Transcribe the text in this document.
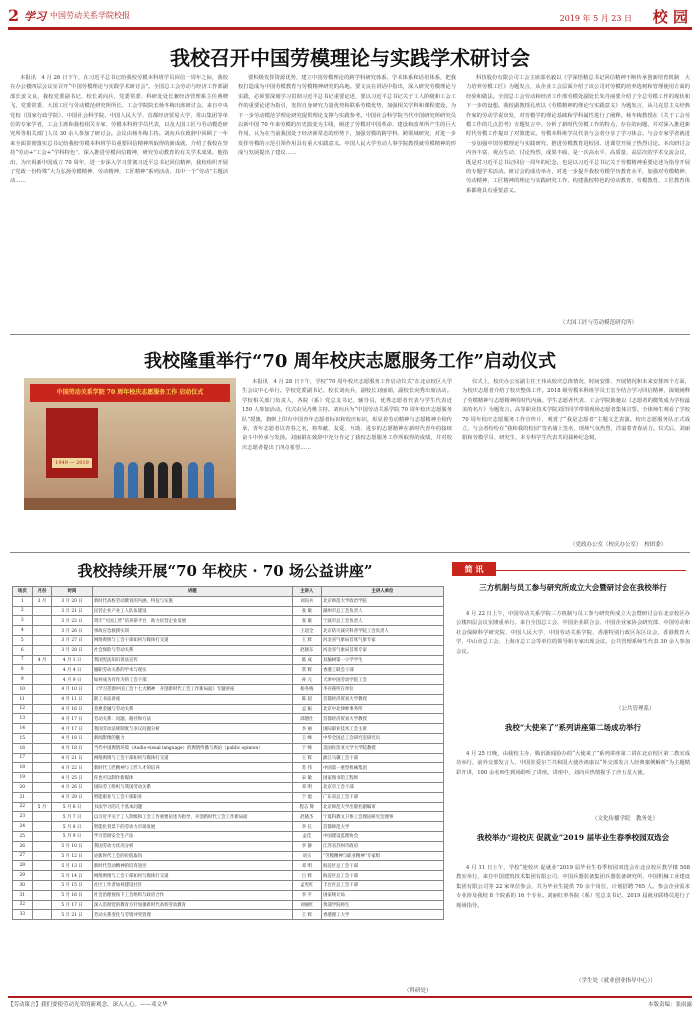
2 学习 中国劳动关系学院校报	2019 年 5 月 23 日 校 园
我校召开中国劳模理论与实践学术研讨会

本报讯　4 月 26 日下午，在习近平总书记给我校劳模本科班学员回信一周年之际，我校在办公楼四层会议室召开“中国劳模理论与实践学术研讨会”。全国总工会劳动与经济工作部副部长姜文良，我校党委副书记、校长刘向兵，党委常委、科研处处长兼经济管理系主任燕晓飞，党委常委、大国工匠与劳动模范研究所所长、工会学院院长杨冬梅出席研讨会。来自中央党校（国家行政学院）、中国社会科学院、中国人民大学、首都经济贸易大学、常山集团等单位的专家学者，工会主席和我校相关专家、劳模本科班学员代表，以及大国工匠与劳动模范研究所等相关部门人员 30 余人参加了研讨会。会议由杨冬梅主持。刘向兵在致辞中回顾了一年来全面贯彻落实总书记给我校劳模本科班学员重要回信精神所取得的新成就，介绍了我校在坚持“劳动+”工会+“学科特色”，深入推进劳模回信精神，研究劳动教育的有关学术成果。他指出，为庆祝新中国成立 70 周年，进一步深入学习贯彻习近平总书记回信精神，我校组织开展了党政一份特殊“大力弘扬劳模精神、劳动精神、工匠精神”系列活动，其中一个“劳动”主题活动……

要积极发挥资源优势，建立中国劳模理论的跨学科研究体系、学术体系和话语体系，把我校打造成为中国劳模教育与劳模精神研究的高地。要文良在讲话中指出，深入研究劳模理论与实践，必须要深刻学习贯彻习近平总书记重要论述，要以习近平总书记关于工人阶级和工会工作的重要论述为指引，发挥自身研究力量优势和联系劳模优势，加强相关学科和课程建设，为下一步劳动模范学理论研究提供理论支撑与实践参考。中国社会科学院当代中国研究所研究员以新中国 70 年来劳模的历史演变为主线，阐述了劳模对中国革命、建设和改革所产生的巨大作用，认为在当前我国处于经济新常态的形势下，加强劳模的跨学科、跨领域研究，对进一步发挥劳模的示范引领作用具有重大实践意义。中国人民大学劳动人事学院教授就劳模精神的形成与发展提出了建议……

科技股份有限公司工会主席邵名毅以《学深悟精总书记回信精神不断传承创新培育机制　大力培养劳模工匠》为题发言，从企业工会层面介绍了该公司对劳模的培养选树和管理使用方面的经验和做法。全国总工会劳动和经济工作部劳模处副处长朱丹丽要介绍了全总劳模工作的现状和下一步的设想。我校副教授孔欣以《劳模精神的理论与实践意义》为题发言，从马克思主义经典作家的劳动学说出发，对劳模学的理论基础和学科属性进行了阐释。杨冬梅教授在《关于工会劳模工作的几点思考》专题发言中，分析了新时代劳模工作的特点，存在的问题，并对深入推进新时代劳模工作提出了对策建议。劳模本科班学员代表与会者分享了学习体会。与会专家学者就进一步加强中国劳模理论与实践研究、推进劳模教育进校园、进课堂开展了热烈讨论。本次研讨会内容丰富、观点生动、讨论热烈，成果丰硕，是一次高水平、高质量、高层次的学术交流会议，既是对习近平总书记回信一周年的纪念，也是以习近平总书记关于劳模精神重要论述为指导开展的专题学术活动。研讨会的成功举办，对进一步提升我校劳模学历教育水平，加强对劳模精神、劳动精神、工匠精神的理论与实践研究工作，构建我校特色的劳动教育、劳模教育、工匠教育体系都将具有重要意义。

（大国工匠与劳动模范研究所）
我校隆重举行“70 周年校庆志愿服务工作”启动仪式
中国劳动关系学院 70 周年校庆志愿服务工作 启动仪式
1949 — 2019

本报讯　4 月 28 日下午，学校“70 周年校庆志愿服务工作启动仪式”在北京校区大学生会议中心举行。学校党委副书记、校长刘向兵，副校长刘丽娟，副校长向秀出席活动。学校相关部门负责人，各院（系）党总支书记，辅导员，优秀志愿者代表与学生代表近 150 人参加活动。仪式由吴丹维主持。刘向兵为“中国劳动关系学院 70 周年校庆志愿服务队”授旗，旗帜上印有中国青年志愿者标识和校庆标识，彰显着劳动精神与志愿精神全相传承，青年志愿者以青春之名，将奉献、友爱、互助、进步的志愿精神在新时代青年的接续奋斗中传承与发扬。刘丽娟在致辞中充分肯定了我校志愿服务工作所取得的成绩，并对校庆志愿者提出了四点希望……

仪式上，校庆办公室副主任王伟从校庆总体情况、时间安排、开展情况和未来安排四个方面，为校庆志愿者介绍了校庆整体工作。2018 级劳模本科班学员王宏全结合学习回信精神，深刻阐释了劳模精神与志愿精神的时代内涵。学生志愿者代表、工会学院陈驰以《志愿者的微笑成为学校最美的名片》为题发言。高等职业技术学院刘洋同学带领现场志愿者集体宣誓。全体师生观看了学校 70 周年校庆志愿服务工作宣传片，观赏了“我是志愿者”主题文艺表演。校庆志愿服务队正式成立，与会者纷纷在“我和我的校园”签名墙上签名，现场气氛热烈，洋溢着青春活力。仪式后，刘丽娟和劳模学员、研究生、本专科学生代表共同栽种纪念树。

（党政办公室（校庆办公室）　校团委）
我校持续开展“70 年校庆 · 70 场公益讲座”
场次	月份	时间	讲题	主讲人	主讲人单位
1	3 月	3 月 20 日	新时代高校劳动教育的内涵、特征与实施	刘向兵	北京师范大学政治学院
2		3 月 21 日	民营企业产业工人队伍建设	张 敏	湖州市总工会负责人
3		3 月 22 日	筑牢“大国工匠”培养新平台　助力民营企业发展	张 敏	宁波市总工会负责人
4		3 月 26 日	事故应急救援实训	王超全	北京防灾减灾科普学院工会负责人
5		3 月 27 日	网络舆情与工会干部如何与媒体打交道	王 辉	河北省气象局首席气象专家
6		3 月 28 日	社会保险与劳动关系	赵晓东	河北省气象局首席专家
7	4 月	4 月 1 日	我国宪法知识普法宣传	陈 成	双榆树第一小学学生
8		4 月 4 日	履职劳动关系的学术与现实	常 辉	香港工联会干部
9		4 月 9 日	如何成为有作为的工会干部	孙 元	天津中国劳动学院工会
10		4 月 10 日	《学习贯彻中国工会十七大精神　开创新时代工会工作新局面》专题讲座	杨冬梅	李存葆所在单位
11		4 月 11 日	职工书法讲座	陈 超	首都经济贸易大学教授
12		4 月 16 日	普惠金融与劳动关系	孟 振	北京中北律师事务所
13		4 月 17 日	劳动关系：问题、路径和方法	邱德仕	首都经济贸易大学教授
14		4 月 17 日	我国劳动法规制度与争议问题分析	李 丽	国际职业技术工会主席
15		4 月 18 日	新闻影像的魅力	王 峰	中华全国总工会研究室研究员
16		4 月 18 日	当代中国舆情环境（Audio-visual language）的舆情传播与舆论（public opinion）	于 峰	美国佐治亚大学大学院教授
17		4 月 21 日	网络舆情与工会干部如何与媒体打交道	王 辉	浙江马骥工会干部
18		4 月 22 日	新时代工匠精神与工匠人才的培养	苏 伟	中国第一重型机械集团
19		4 月 25 日	你也可以制作新媒体	宋 敏	国家图书馆工程师
20		4 月 26 日	国际劳工组织与我国劳动关系	邓 明	北京市工会干部
21		4 月 29 日	智能职业与工会干部职业	于 琨	广东省总工会干部
22	5 月	5 月 6 日	书法学习的几个基本问题	程志 辉	北京师范大学出版社副编审
23		5 月 7 日	以习近平关于工人阶级和工会工作重要论述为指导，开创新时代工会工作新局面	赵晓杰	宁夏科教文卫体工会理论研究会理事
24		5 月 8 日	智能化背景下的劳动力市场发展	李 长	首都师范大学
25		5 月 9 日	学习贯彻安全生产法	孟佳	中国建设监理协会
26		5 月 10 日	我国劳动力状况分析	李 静	江苏省苏州市政府
27		5 月 12 日	论新时代工会的价值取向	刘玉	“劳模精神与职业精神”专家组
28		5 月 13 日	新时代劳动精神的培育途径	邓 明	海淀区总工会干部
29		5 月 14 日	网络舆情与工会干部如何与媒体打交道	吕 辉	海淀区总工会干部
30		5 月 15 日	社区工作者如何建设社区	孟宪红	丰台区总工会干部
31		5 月 16 日	社会治理视角下工会组织与政府合作	李 平	国家统计局
32		5 月 17 日	深入贯彻党的教育方针加强新时代高校劳动教育	刘丽红	黄浦学院师生
33		5 月 21 日	劳动关系变化与劳资冲突管理	王 辉	香港理工大学
（科研处）
简 讯
三方机制与员工参与研究所成立大会暨研讨会在我校举行

4 月 22 日上午，中国劳动关系学院三方机制与员工参与研究所成立大会暨研讨会在北京校区办公楼四层会议室隆重举行。来自全国总工会、中国企业联合会、中国企业家协会研究部、中国劳动和社会保障科学研究院、中国人民大学、中国劳动关系学院、香港特别行政区东区议会、香港教育大学、中山市总工会、上海市总工会等单位的领导和专家出席会议。公共管理系师生代表 30 余人参加会议。

（公共管理系）
我校“大使来了”系列讲座第二场成功举行

4 月 25 日晚，由我校主办，腾讯新闻协办的“大使来了”系列讲座第二讲在北京校区第二教室成功举行，前外交部发言人、中国驻爱尔兰共和国大使沙祖康以“外交部发言人经典案例解析”为主题精彩开讲，100 余名师生到场聆听了讲座。讲座中，刘向兵热情握手了沙五星大使。

（文化传播学院　教务处）
我校举办“迎校庆 促就业”2019 届毕业生春季校园双选会

4 月 11 日上午，学校“迎校庆 促就业”2019 届毕业生春季校园双选会在北京校区教学楼 508 教室举行，来自中国建筑技术集团有限公司、中国兵器装备集团兵器装备研究所、中国机械工业建设集团有限公司等 22 家单位参会，共为毕业生提供 70 余个岗位，计划招聘 765 人。参会企业需求专业涉及我校 8 个院系的 16 个专业。刘丽红率各院（系）党总支书记、2019 届就业联络员进行了现场指导。

（学生处（就业创业指导中心））
【劳动箴言】我们要使劳动光荣的新观念，深入人心。——邓文华	本版责编：张雨露
